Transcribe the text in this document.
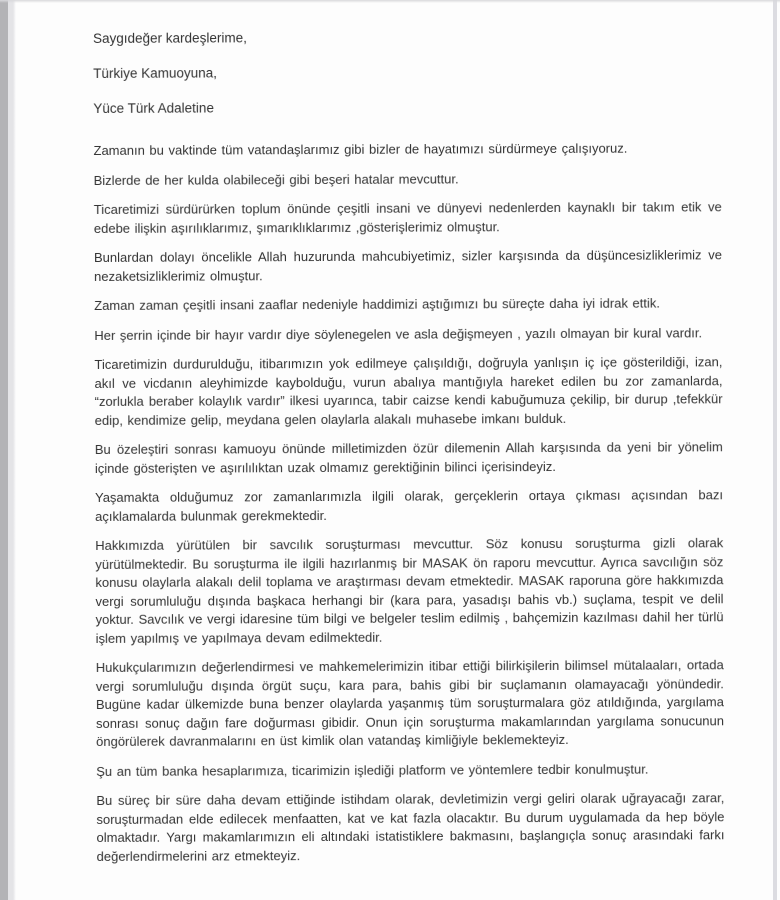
Saygıdeğer kardeşlerime,

Türkiye Kamuoyuna,

Yüce Türk Adaletine

Zamanın bu vaktinde tüm vatandaşlarımız gibi bizler de hayatımızı sürdürmeye çalışıyoruz.

Bizlerde de her kulda olabileceği gibi beşeri hatalar mevcuttur.

Ticaretimizi sürdürürken toplum önünde çeşitli insani ve dünyevi nedenlerden kaynaklı bir takım etik ve edebe ilişkin aşırılıklarımız, şımarıklıklarımız ,gösterişlerimiz olmuştur.

Bunlardan dolayı öncelikle Allah huzurunda mahcubiyetimiz, sizler karşısında da düşüncesizliklerimiz ve nezaketsizliklerimiz olmuştur.

Zaman zaman çeşitli insani zaaflar nedeniyle haddimizi aştığımızı bu süreçte daha iyi idrak ettik.

Her şerrin içinde bir hayır vardır diye söylenegelen ve asla değişmeyen , yazılı olmayan bir kural vardır.

Ticaretimizin durdurulduğu, itibarımızın yok edilmeye çalışıldığı, doğruyla yanlışın iç içe gösterildiği, izan, akıl ve vicdanın aleyhimizde kaybolduğu, vurun abalıya mantığıyla hareket edilen bu zor zamanlarda, “zorlukla beraber kolaylık vardır” ilkesi uyarınca, tabir caizse kendi kabuğumuza çekilip, bir durup ,tefekkür edip, kendimize gelip, meydana gelen olaylarla alakalı muhasebe imkanı bulduk.

Bu özeleştiri sonrası kamuoyu önünde milletimizden özür dilemenin Allah karşısında da yeni bir yönelim içinde gösterişten ve aşırılılıktan uzak olmamız gerektiğinin bilinci içerisindeyiz.

Yaşamakta olduğumuz zor zamanlarımızla ilgili olarak, gerçeklerin ortaya çıkması açısından bazı açıklamalarda bulunmak gerekmektedir.

Hakkımızda yürütülen bir savcılık soruşturması mevcuttur. Söz konusu soruşturma gizli olarak yürütülmektedir. Bu soruşturma ile ilgili hazırlanmış bir MASAK ön raporu mevcuttur. Ayrıca savcılığın söz konusu olaylarla alakalı delil toplama ve araştırması devam etmektedir. MASAK raporuna göre hakkımızda vergi sorumluluğu dışında başkaca herhangi bir (kara para, yasadışı bahis vb.) suçlama, tespit ve delil yoktur. Savcılık ve vergi idaresine tüm bilgi ve belgeler teslim edilmiş , bahçemizin kazılması dahil her türlü işlem yapılmış ve yapılmaya devam edilmektedir.

Hukukçularımızın değerlendirmesi ve mahkemelerimizin itibar ettiği bilirkişilerin bilimsel mütalaaları, ortada vergi sorumluluğu dışında örgüt suçu, kara para, bahis gibi bir suçlamanın olamayacağı yönündedir. Bugüne kadar ülkemizde buna benzer olaylarda yaşanmış tüm soruşturmalara göz atıldığında, yargılama sonrası sonuç dağın fare doğurması gibidir. Onun için soruşturma makamlarından yargılama sonucunun öngörülerek davranmalarını en üst kimlik olan vatandaş kimliğiyle beklemekteyiz.

Şu an tüm banka hesaplarımıza, ticarimizin işlediği platform ve yöntemlere tedbir konulmuştur.

Bu süreç bir süre daha devam ettiğinde istihdam olarak, devletimizin vergi geliri olarak uğrayacağı zarar, soruşturmadan elde edilecek menfaatten, kat ve kat fazla olacaktır. Bu durum uygulamada da hep böyle olmaktadır. Yargı makamlarımızın eli altındaki istatistiklere bakmasını, başlangıçla sonuç arasındaki farkı değerlendirmelerini arz etmekteyiz.
